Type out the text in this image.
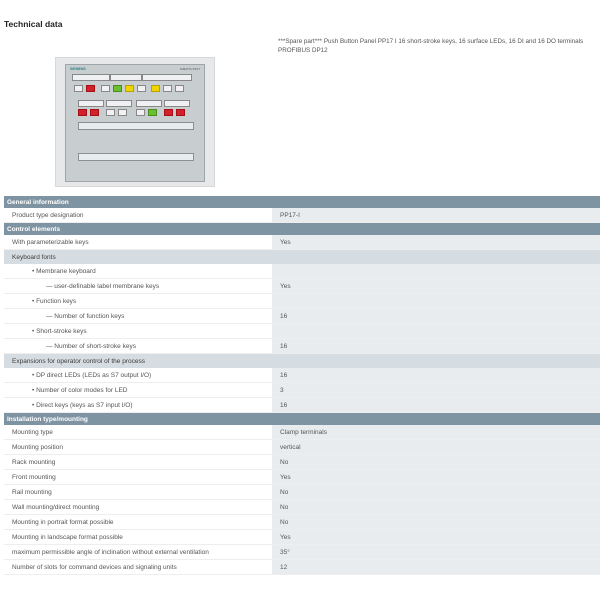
Technical data
***Spare part*** Push Button Panel PP17 I 16 short-stroke keys, 16 surface LEDs, 16 DI and 16 DO terminals PROFIBUS DP12
SIEMENS	SIMATIC PP17
General information	
Product type designation	PP17-I
Control elements	
With parameterizable keys	Yes
Keyboard fonts	
• Membrane keyboard	
— user-definable label membrane keys	Yes
• Function keys	
— Number of function keys	16
• Short-stroke keys	
— Number of short-stroke keys	16
Expansions for operator control of the process	
• DP direct LEDs (LEDs as S7 output I/O)	16
• Number of color modes for LED	3
• Direct keys (keys as S7 input I/O)	16
Installation type/mounting	
Mounting type	Clamp terminals
Mounting position	vertical
Rack mounting	No
Front mounting	Yes
Rail mounting	No
Wall mounting/direct mounting	No
Mounting in portrait format possible	No
Mounting in landscape format possible	Yes
maximum permissible angle of inclination without external ventilation	35°
Number of slots for command devices and signaling units	12
